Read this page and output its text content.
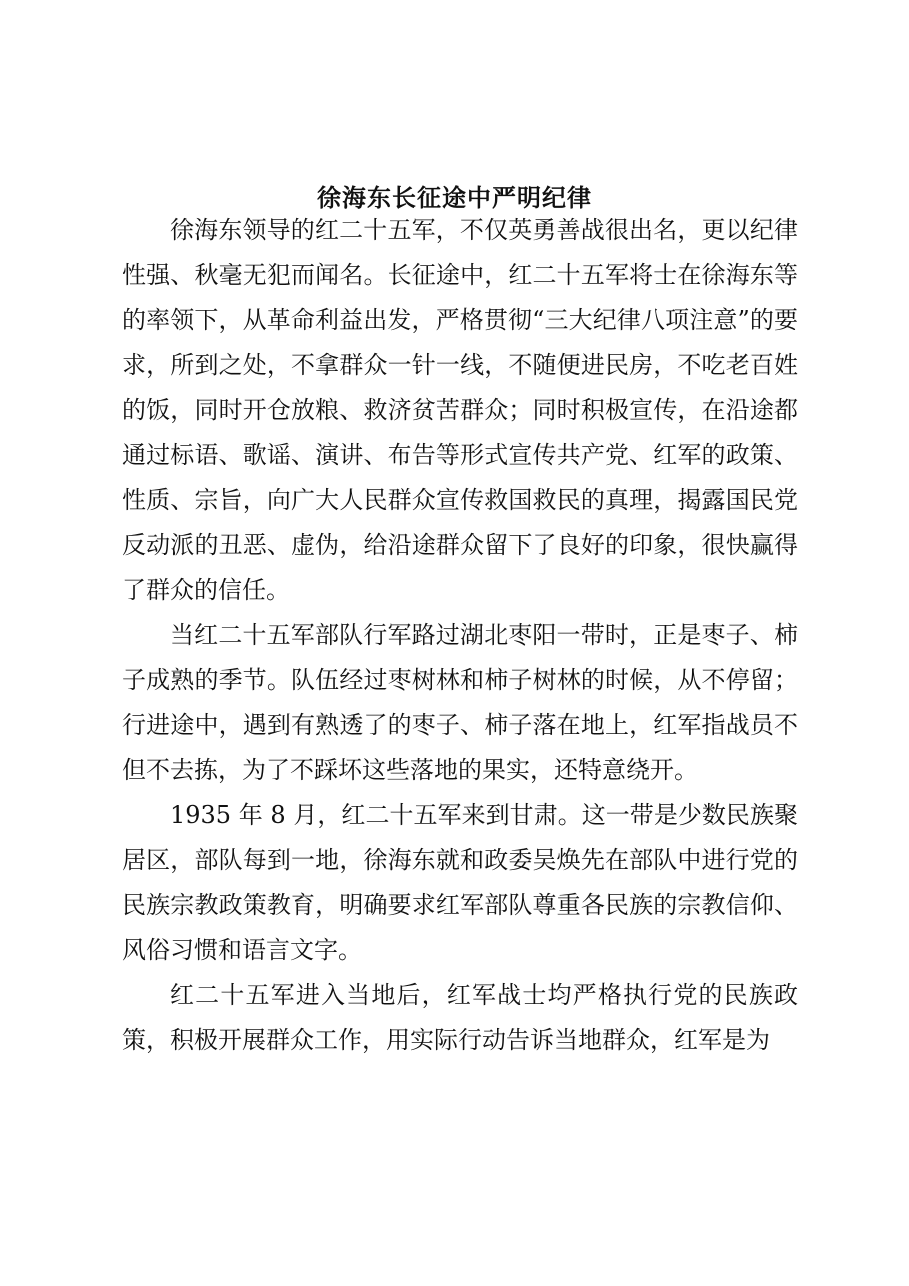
徐海东长征途中严明纪律

徐海东领导的红二十五军，不仅英勇善战很出名，更以纪律性强、秋毫无犯而闻名。长征途中，红二十五军将士在徐海东等的率领下，从革命利益出发，严格贯彻“三大纪律八项注意”的要求，所到之处，不拿群众一针一线，不随便进民房，不吃老百姓的饭，同时开仓放粮、救济贫苦群众；同时积极宣传，在沿途都通过标语、歌谣、演讲、布告等形式宣传共产党、红军的政策、性质、宗旨，向广大人民群众宣传救国救民的真理，揭露国民党反动派的丑恶、虚伪，给沿途群众留下了良好的印象，很快赢得了群众的信任。

当红二十五军部队行军路过湖北枣阳一带时，正是枣子、柿子成熟的季节。队伍经过枣树林和柿子树林的时候，从不停留；行进途中，遇到有熟透了的枣子、柿子落在地上，红军指战员不但不去拣，为了不踩坏这些落地的果实，还特意绕开。

1935 年 8 月，红二十五军来到甘肃。这一带是少数民族聚居区，部队每到一地，徐海东就和政委吴焕先在部队中进行党的民族宗教政策教育，明确要求红军部队尊重各民族的宗教信仰、风俗习惯和语言文字。

红二十五军进入当地后，红军战士均严格执行党的民族政策，积极开展群众工作，用实际行动告诉当地群众，红军是为
